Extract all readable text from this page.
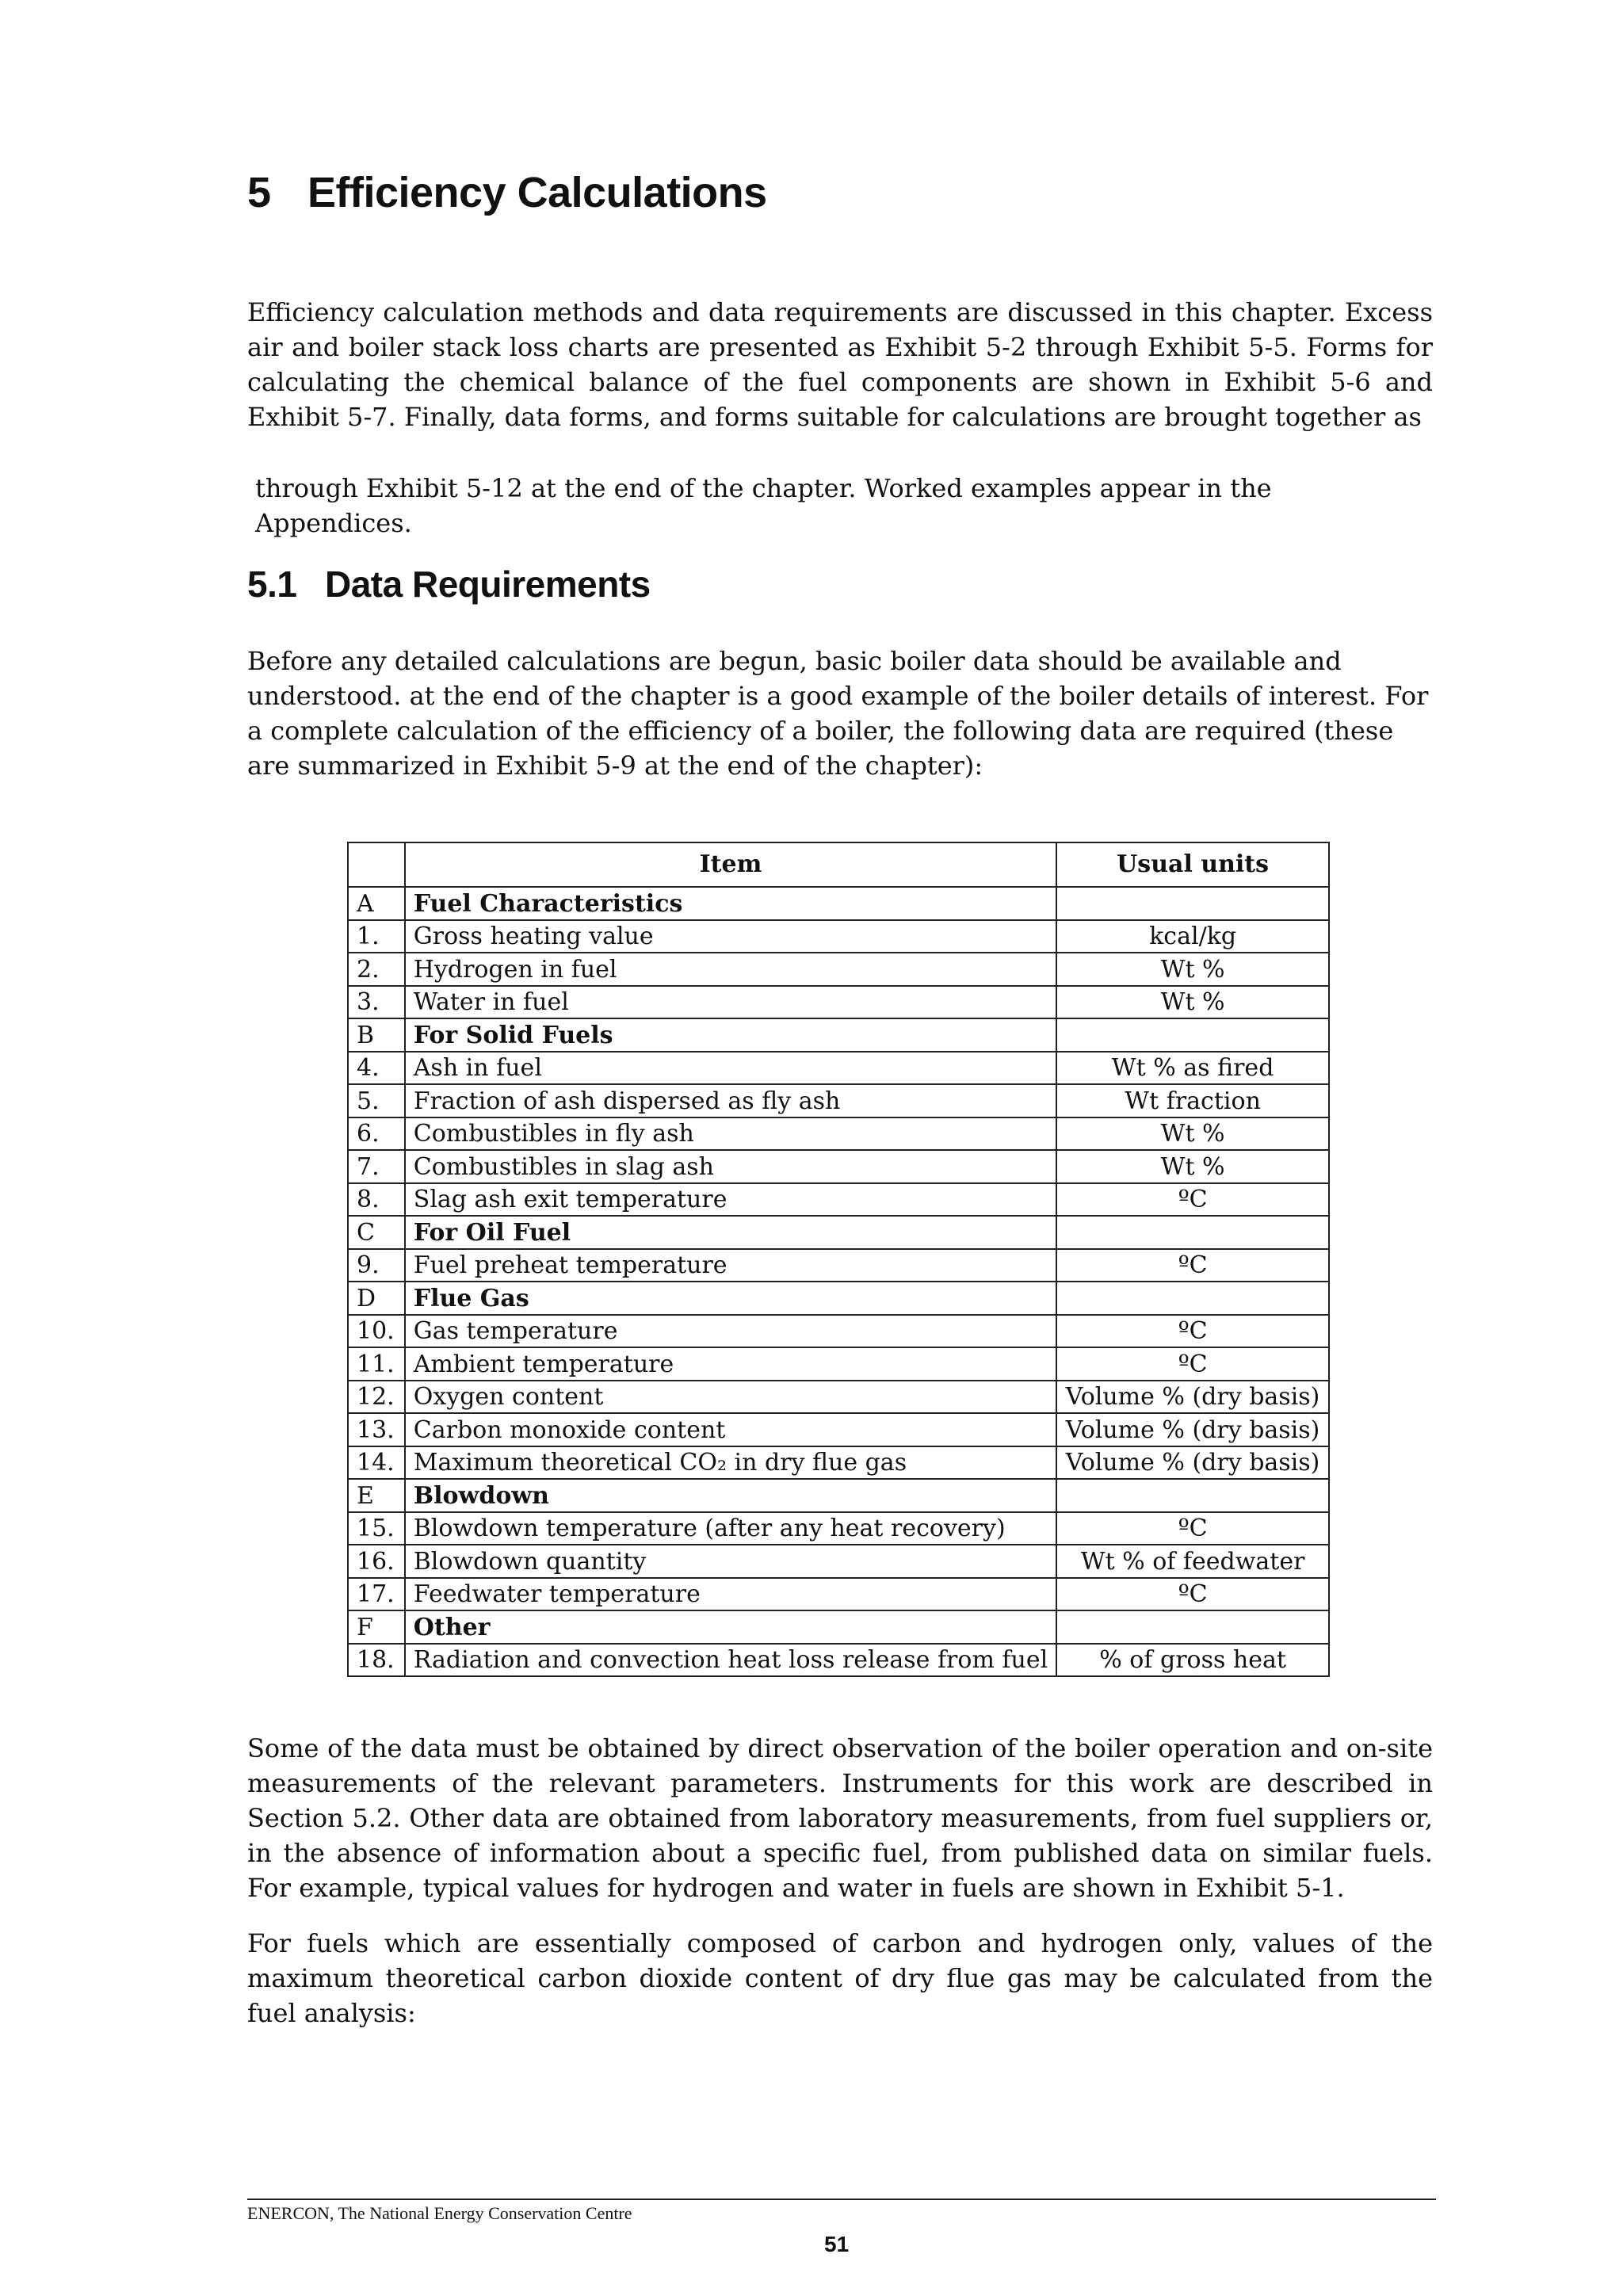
5 Efficiency Calculations

Efficiency calculation methods and data requirements are discussed in this chapter. Excess air and boiler stack loss charts are presented as Exhibit 5-2 through Exhibit 5-5. Forms for calculating the chemical balance of the fuel components are shown in Exhibit 5-6 and Exhibit 5-7. Finally, data forms, and forms suitable for calculations are brought together as

through Exhibit 5-12 at the end of the chapter. Worked examples appear in the Appendices.

5.1 Data Requirements

Before any detailed calculations are begun, basic boiler data should be available and understood. at the end of the chapter is a good example of the boiler details of interest. For a complete calculation of the efficiency of a boiler, the following data are required (these are summarized in Exhibit 5-9 at the end of the chapter):

	Item	Usual units
A	Fuel Characteristics	
1.	Gross heating value	kcal/kg
2.	Hydrogen in fuel	Wt %
3.	Water in fuel	Wt %
B	For Solid Fuels	
4.	Ash in fuel	Wt % as fired
5.	Fraction of ash dispersed as fly ash	Wt fraction
6.	Combustibles in fly ash	Wt %
7.	Combustibles in slag ash	Wt %
8.	Slag ash exit temperature	ºC
C	For Oil Fuel	
9.	Fuel preheat temperature	ºC
D	Flue Gas	
10.	Gas temperature	ºC
11.	Ambient temperature	ºC
12.	Oxygen content	Volume % (dry basis)
13.	Carbon monoxide content	Volume % (dry basis)
14.	Maximum theoretical CO₂ in dry flue gas	Volume % (dry basis)
E	Blowdown	
15.	Blowdown temperature (after any heat recovery)	ºC
16.	Blowdown quantity	Wt % of feedwater
17.	Feedwater temperature	ºC
F	Other	
18.	Radiation and convection heat loss release from fuel	% of gross heat

Some of the data must be obtained by direct observation of the boiler operation and on-site measurements of the relevant parameters. Instruments for this work are described in Section 5.2. Other data are obtained from laboratory measurements, from fuel suppliers or, in the absence of information about a specific fuel, from published data on similar fuels. For example, typical values for hydrogen and water in fuels are shown in Exhibit 5-1.

For fuels which are essentially composed of carbon and hydrogen only, values of the maximum theoretical carbon dioxide content of dry flue gas may be calculated from the fuel analysis:

ENERCON, The National Energy Conservation Centre
51
